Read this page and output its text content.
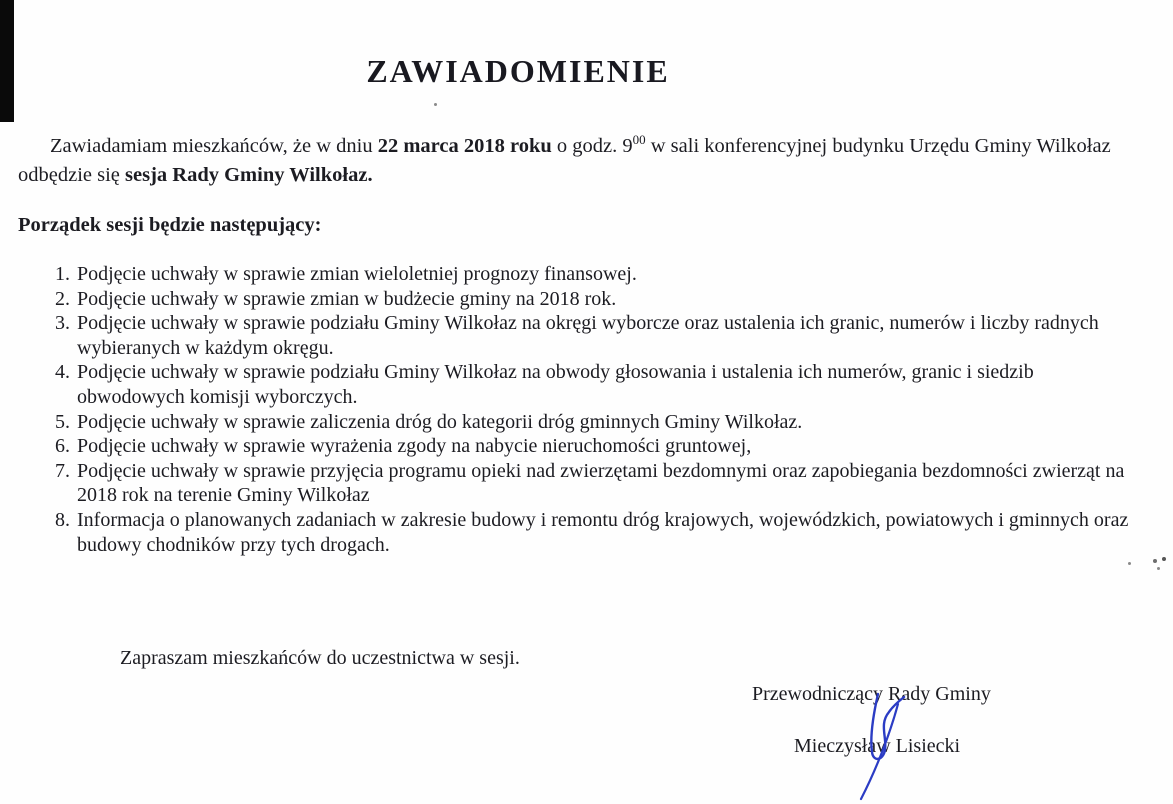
ZAWIADOMIENIE

Zawiadamiam mieszkańców, że w dniu 22 marca 2018 roku o godz. $9^{00}$ w sali konferencyjnej budynku Urzędu Gminy Wilkołaz odbędzie się sesja Rady Gminy Wilkołaz.

Porządek sesji będzie następujący:

1. Podjęcie uchwały w sprawie zmian wieloletniej prognozy finansowej.
2. Podjęcie uchwały w sprawie zmian w budżecie gminy na 2018 rok.
3. Podjęcie uchwały w sprawie podziału Gminy Wilkołaz na okręgi wyborcze oraz ustalenia ich granic, numerów i liczby radnych wybieranych w każdym okręgu.
4. Podjęcie uchwały w sprawie podziału Gminy Wilkołaz na obwody głosowania i ustalenia ich numerów, granic i siedzib obwodowych komisji wyborczych.
5. Podjęcie uchwały w sprawie zaliczenia dróg do kategorii dróg gminnych Gminy Wilkołaz.
6. Podjęcie uchwały w sprawie wyrażenia zgody na nabycie nieruchomości gruntowej,
7. Podjęcie uchwały w sprawie przyjęcia programu opieki nad zwierzętami bezdomnymi oraz zapobiegania bezdomności zwierząt na 2018 rok na terenie Gminy Wilkołaz
8. Informacja o planowanych zadaniach w zakresie budowy i remontu dróg krajowych, wojewódzkich, powiatowych i gminnych oraz budowy chodników przy tych drogach.

Zapraszam mieszkańców do uczestnictwa w sesji.

Przewodniczący Rady Gminy
Mieczysław Lisiecki
